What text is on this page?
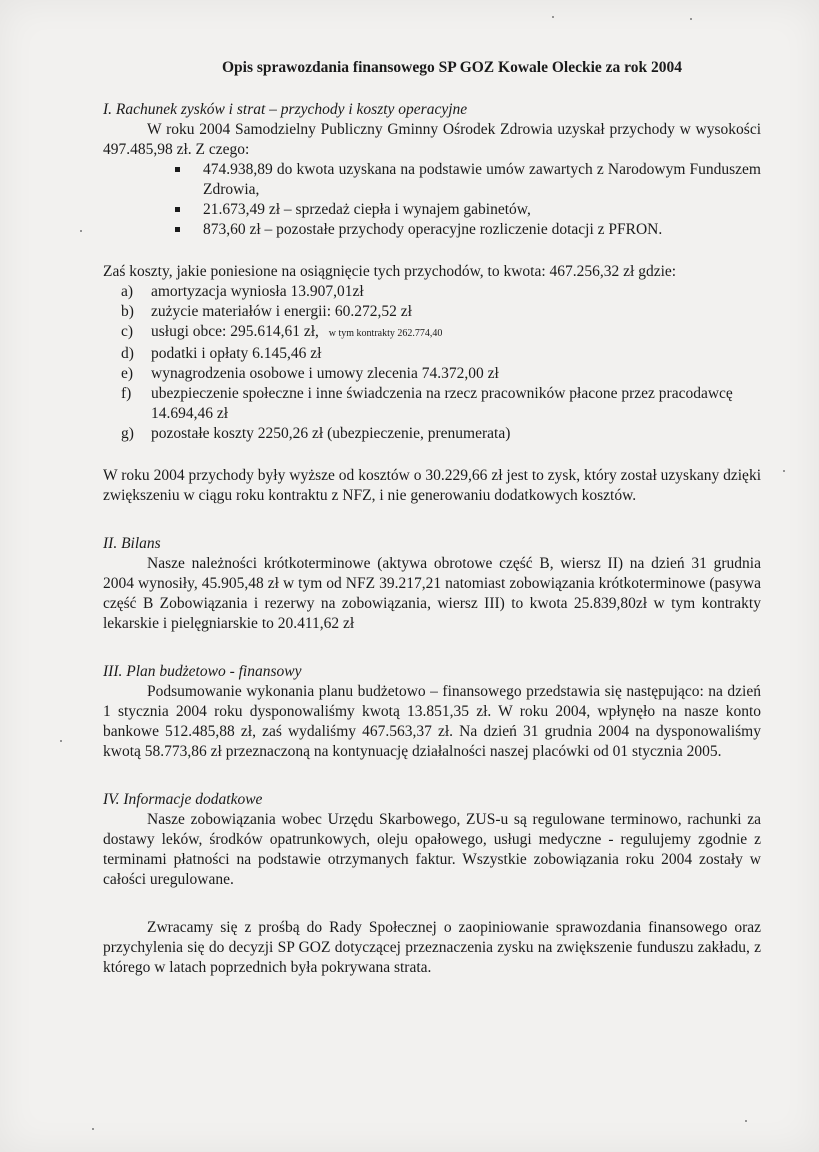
Opis sprawozdania finansowego SP GOZ Kowale Oleckie za rok 2004

I. Rachunek zysków i strat – przychody i koszty operacyjne

W roku 2004 Samodzielny Publiczny Gminny Ośrodek Zdrowia uzyskał przychody w wysokości 497.485,98 zł. Z czego:

474.938,89 do kwota uzyskana na podstawie umów zawartych z Narodowym Funduszem Zdrowia,
21.673,49 zł – sprzedaż ciepła i wynajem gabinetów,
873,60 zł – pozostałe przychody operacyjne rozliczenie dotacji z PFRON.

Zaś koszty, jakie poniesione na osiągnięcie tych przychodów, to kwota: 467.256,32 zł gdzie:

a) amortyzacja wyniosła 13.907,01zł
b) zużycie materiałów i energii: 60.272,52 zł
c) usługi obce: 295.614,61 zł, w tym kontrakty 262.774,40
d) podatki i opłaty 6.145,46 zł
e) wynagrodzenia osobowe i umowy zlecenia 74.372,00 zł
f) ubezpieczenie społeczne i inne świadczenia na rzecz pracowników płacone przez pracodawcę 14.694,46 zł
g) pozostałe koszty 2250,26 zł (ubezpieczenie, prenumerata)

W roku 2004 przychody były wyższe od kosztów o 30.229,66 zł jest to zysk, który został uzyskany dzięki zwiększeniu w ciągu roku kontraktu z NFZ, i nie generowaniu dodatkowych kosztów.

II. Bilans

Nasze należności krótkoterminowe (aktywa obrotowe część B, wiersz II) na dzień 31 grudnia 2004 wynosiły, 45.905,48 zł w tym od NFZ 39.217,21 natomiast zobowiązania krótkoterminowe (pasywa część B Zobowiązania i rezerwy na zobowiązania, wiersz III) to kwota 25.839,80zł w tym kontrakty lekarskie i pielęgniarskie to 20.411,62 zł

III. Plan budżetowo - finansowy

Podsumowanie wykonania planu budżetowo – finansowego przedstawia się następująco: na dzień 1 stycznia 2004 roku dysponowaliśmy kwotą 13.851,35 zł. W roku 2004, wpłynęło na nasze konto bankowe 512.485,88 zł, zaś wydaliśmy 467.563,37 zł. Na dzień 31 grudnia 2004 na dysponowaliśmy kwotą 58.773,86 zł przeznaczoną na kontynuację działalności naszej placówki od 01 stycznia 2005.

IV. Informacje dodatkowe

Nasze zobowiązania wobec Urzędu Skarbowego, ZUS-u są regulowane terminowo, rachunki za dostawy leków, środków opatrunkowych, oleju opałowego, usługi medyczne - regulujemy zgodnie z terminami płatności na podstawie otrzymanych faktur. Wszystkie zobowiązania roku 2004 zostały w całości uregulowane.

Zwracamy się z prośbą do Rady Społecznej o zaopiniowanie sprawozdania finansowego oraz przychylenia się do decyzji SP GOZ dotyczącej przeznaczenia zysku na zwiększenie funduszu zakładu, z którego w latach poprzednich była pokrywana strata.
